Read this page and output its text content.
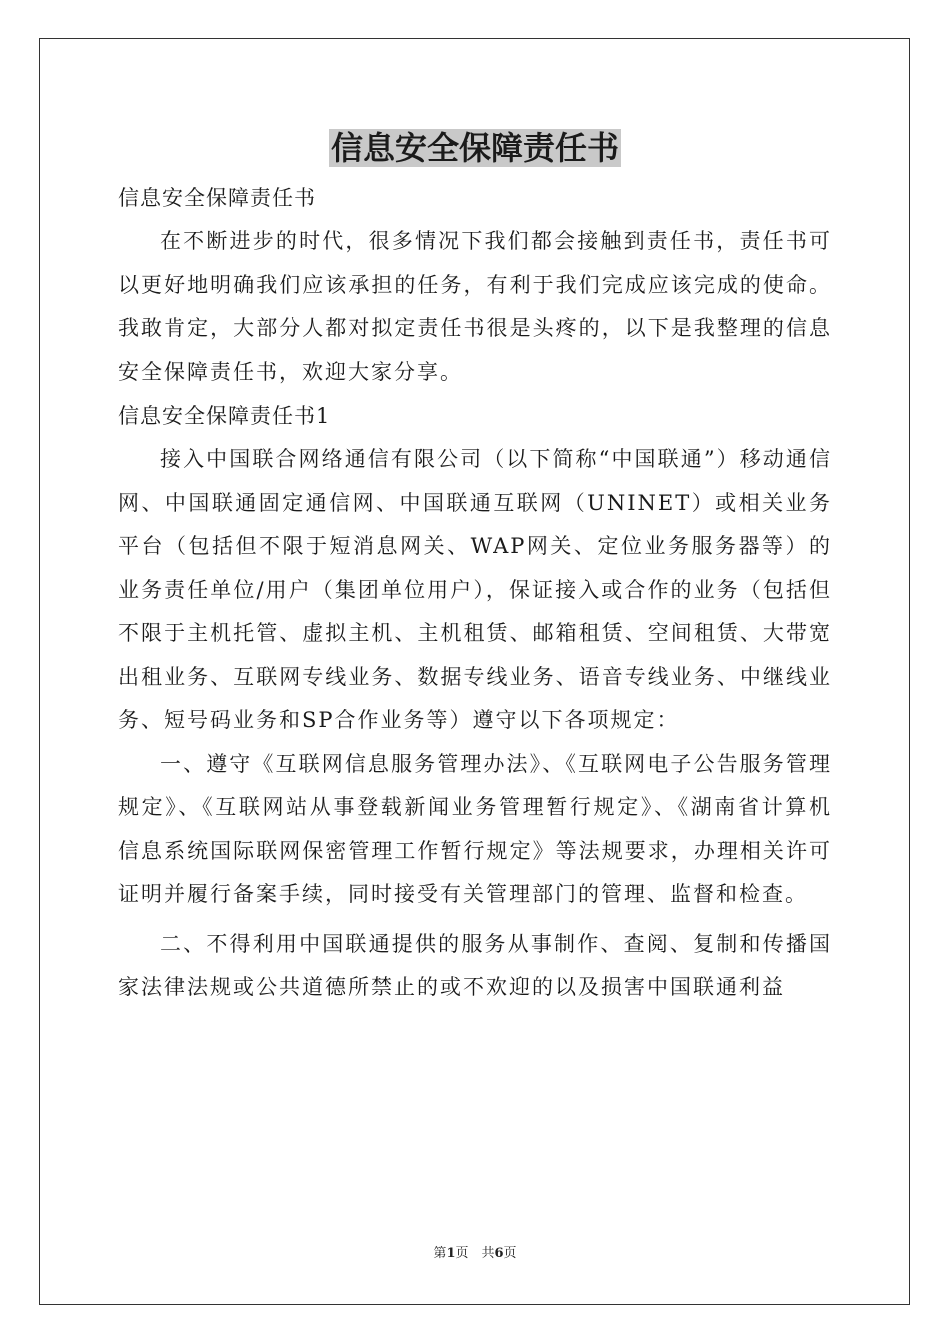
信息安全保障责任书

信息安全保障责任书

在不断进步的时代，很多情况下我们都会接触到责任书，责任书可以更好地明确我们应该承担的任务，有利于我们完成应该完成的使命。我敢肯定，大部分人都对拟定责任书很是头疼的，以下是我整理的信息安全保障责任书，欢迎大家分享。

信息安全保障责任书1

接入中国联合网络通信有限公司（以下简称“中国联通”）移动通信网、中国联通固定通信网、中国联通互联网（UNINET）或相关业务平台（包括但不限于短消息网关、WAP网关、定位业务服务器等）的业务责任单位/用户（集团单位用户），保证接入或合作的业务（包括但不限于主机托管、虚拟主机、主机租赁、邮箱租赁、空间租赁、大带宽出租业务、互联网专线业务、数据专线业务、语音专线业务、中继线业务、短号码业务和SP合作业务等）遵守以下各项规定：

一、遵守《互联网信息服务管理办法》、《互联网电子公告服务管理规定》、《互联网站从事登载新闻业务管理暂行规定》、《湖南省计算机信息系统国际联网保密管理工作暂行规定》等法规要求，办理相关许可证明并履行备案手续，同时接受有关管理部门的管理、监督和检查。

二、不得利用中国联通提供的服务从事制作、查阅、复制和传播国家法律法规或公共道德所禁止的或不欢迎的以及损害中国联通利益

第1页　共6页
